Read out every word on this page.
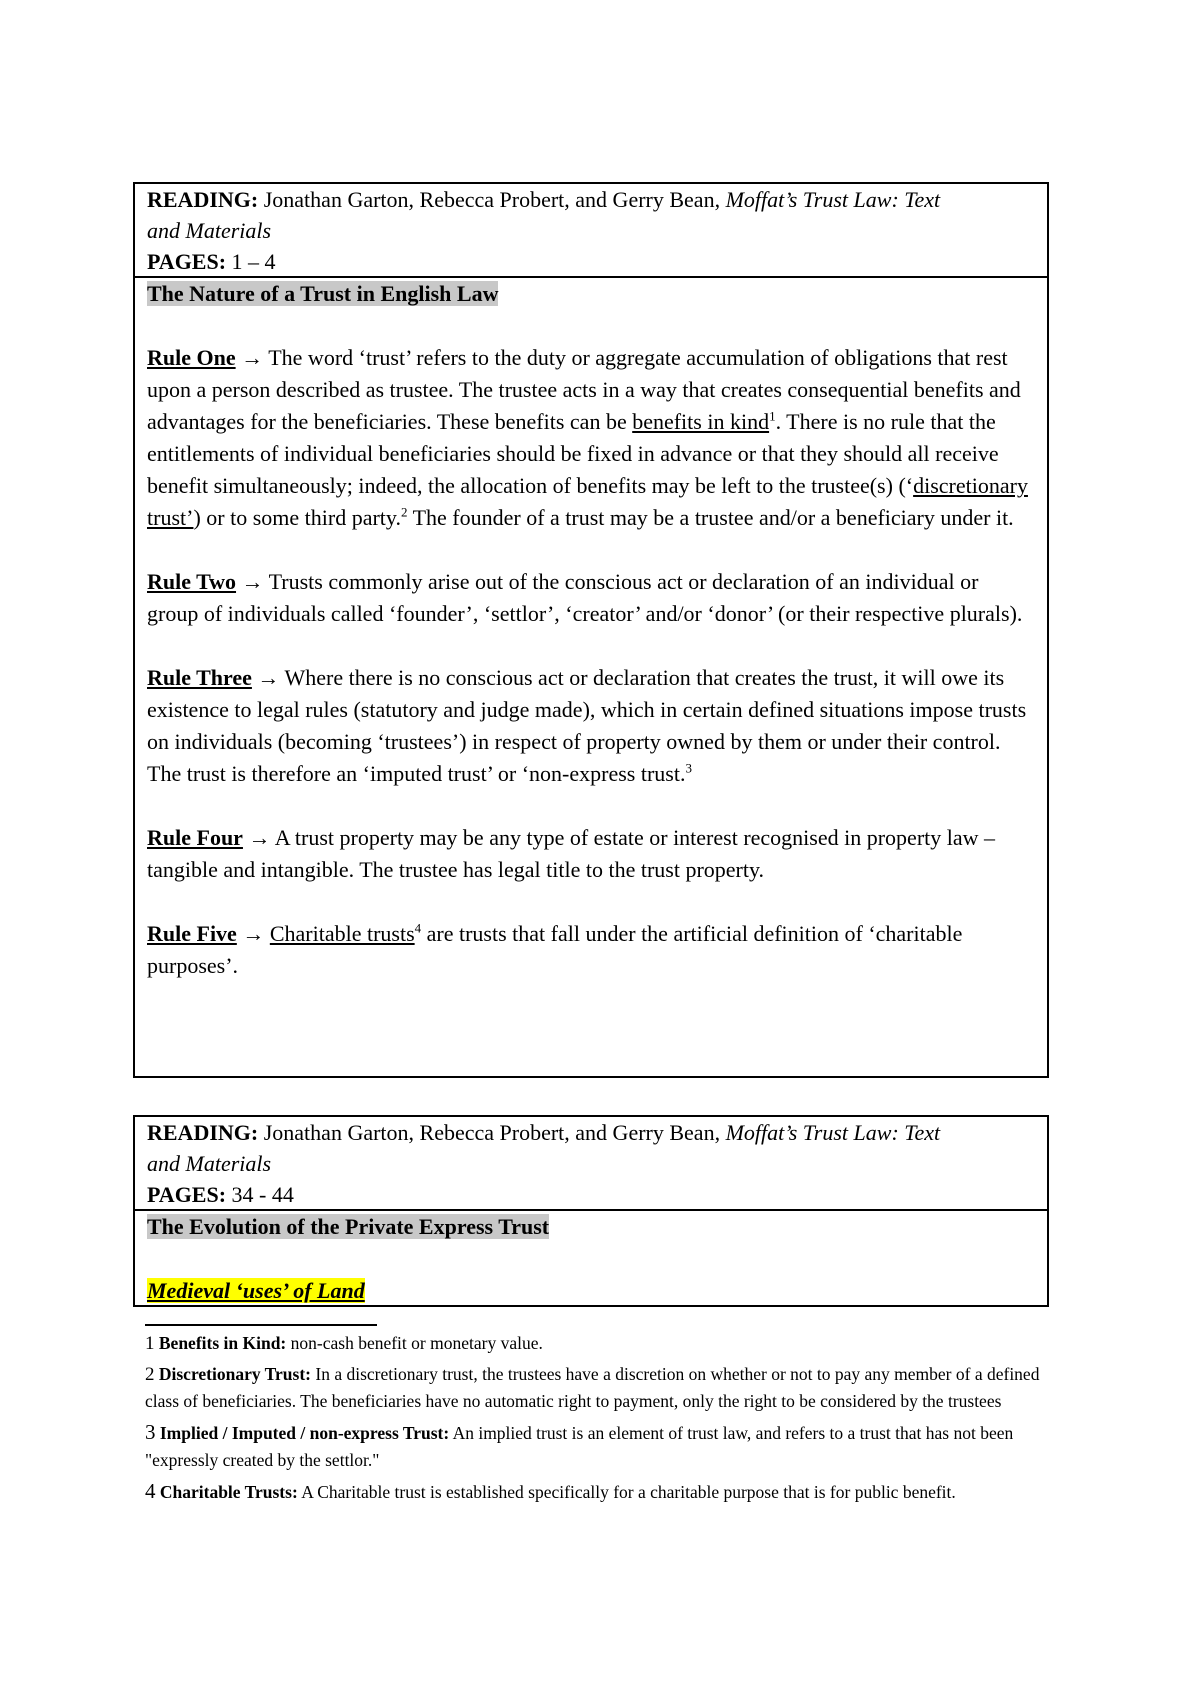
READING: Jonathan Garton, Rebecca Probert, and Gerry Bean, Moffat’s Trust Law: Text
and Materials
PAGES: 1 – 4
The Nature of a Trust in English Law

Rule One → The word ‘trust’ refers to the duty or aggregate accumulation of obligations that rest upon a person described as trustee. The trustee acts in a way that creates consequential benefits and advantages for the beneficiaries. These benefits can be benefits in kind$^1$. There is no rule that the entitlements of individual beneficiaries should be fixed in advance or that they should all receive benefit simultaneously; indeed, the allocation of benefits may be left to the trustee(s) (‘discretionary trust’) or to some third party.$^2$ The founder of a trust may be a trustee and/or a beneficiary under it.

Rule Two → Trusts commonly arise out of the conscious act or declaration of an individual or group of individuals called ‘founder’, ‘settlor’, ‘creator’ and/or ‘donor’ (or their respective plurals).

Rule Three → Where there is no conscious act or declaration that creates the trust, it will owe its existence to legal rules (statutory and judge made), which in certain defined situations impose trusts on individuals (becoming ‘trustees’) in respect of property owned by them or under their control. The trust is therefore an ‘imputed trust’ or ‘non-express trust.$^3$

Rule Four → A trust property may be any type of estate or interest recognised in property law – tangible and intangible. The trustee has legal title to the trust property.

Rule Five → Charitable trusts$^4$ are trusts that fall under the artificial definition of ‘charitable purposes’.

READING: Jonathan Garton, Rebecca Probert, and Gerry Bean, Moffat’s Trust Law: Text
and Materials
PAGES: 34 - 44
The Evolution of the Private Express Trust
Medieval ‘uses’ of Land

1 Benefits in Kind: non-cash benefit or monetary value.

2 Discretionary Trust: In a discretionary trust, the trustees have a discretion on whether or not to pay any member of a defined class of beneficiaries. The beneficiaries have no automatic right to payment, only the right to be considered by the trustees

3 Implied / Imputed / non-express Trust: An implied trust is an element of trust law, and refers to a trust that has not been "expressly created by the settlor."

4 Charitable Trusts: A Charitable trust is established specifically for a charitable purpose that is for public benefit.
